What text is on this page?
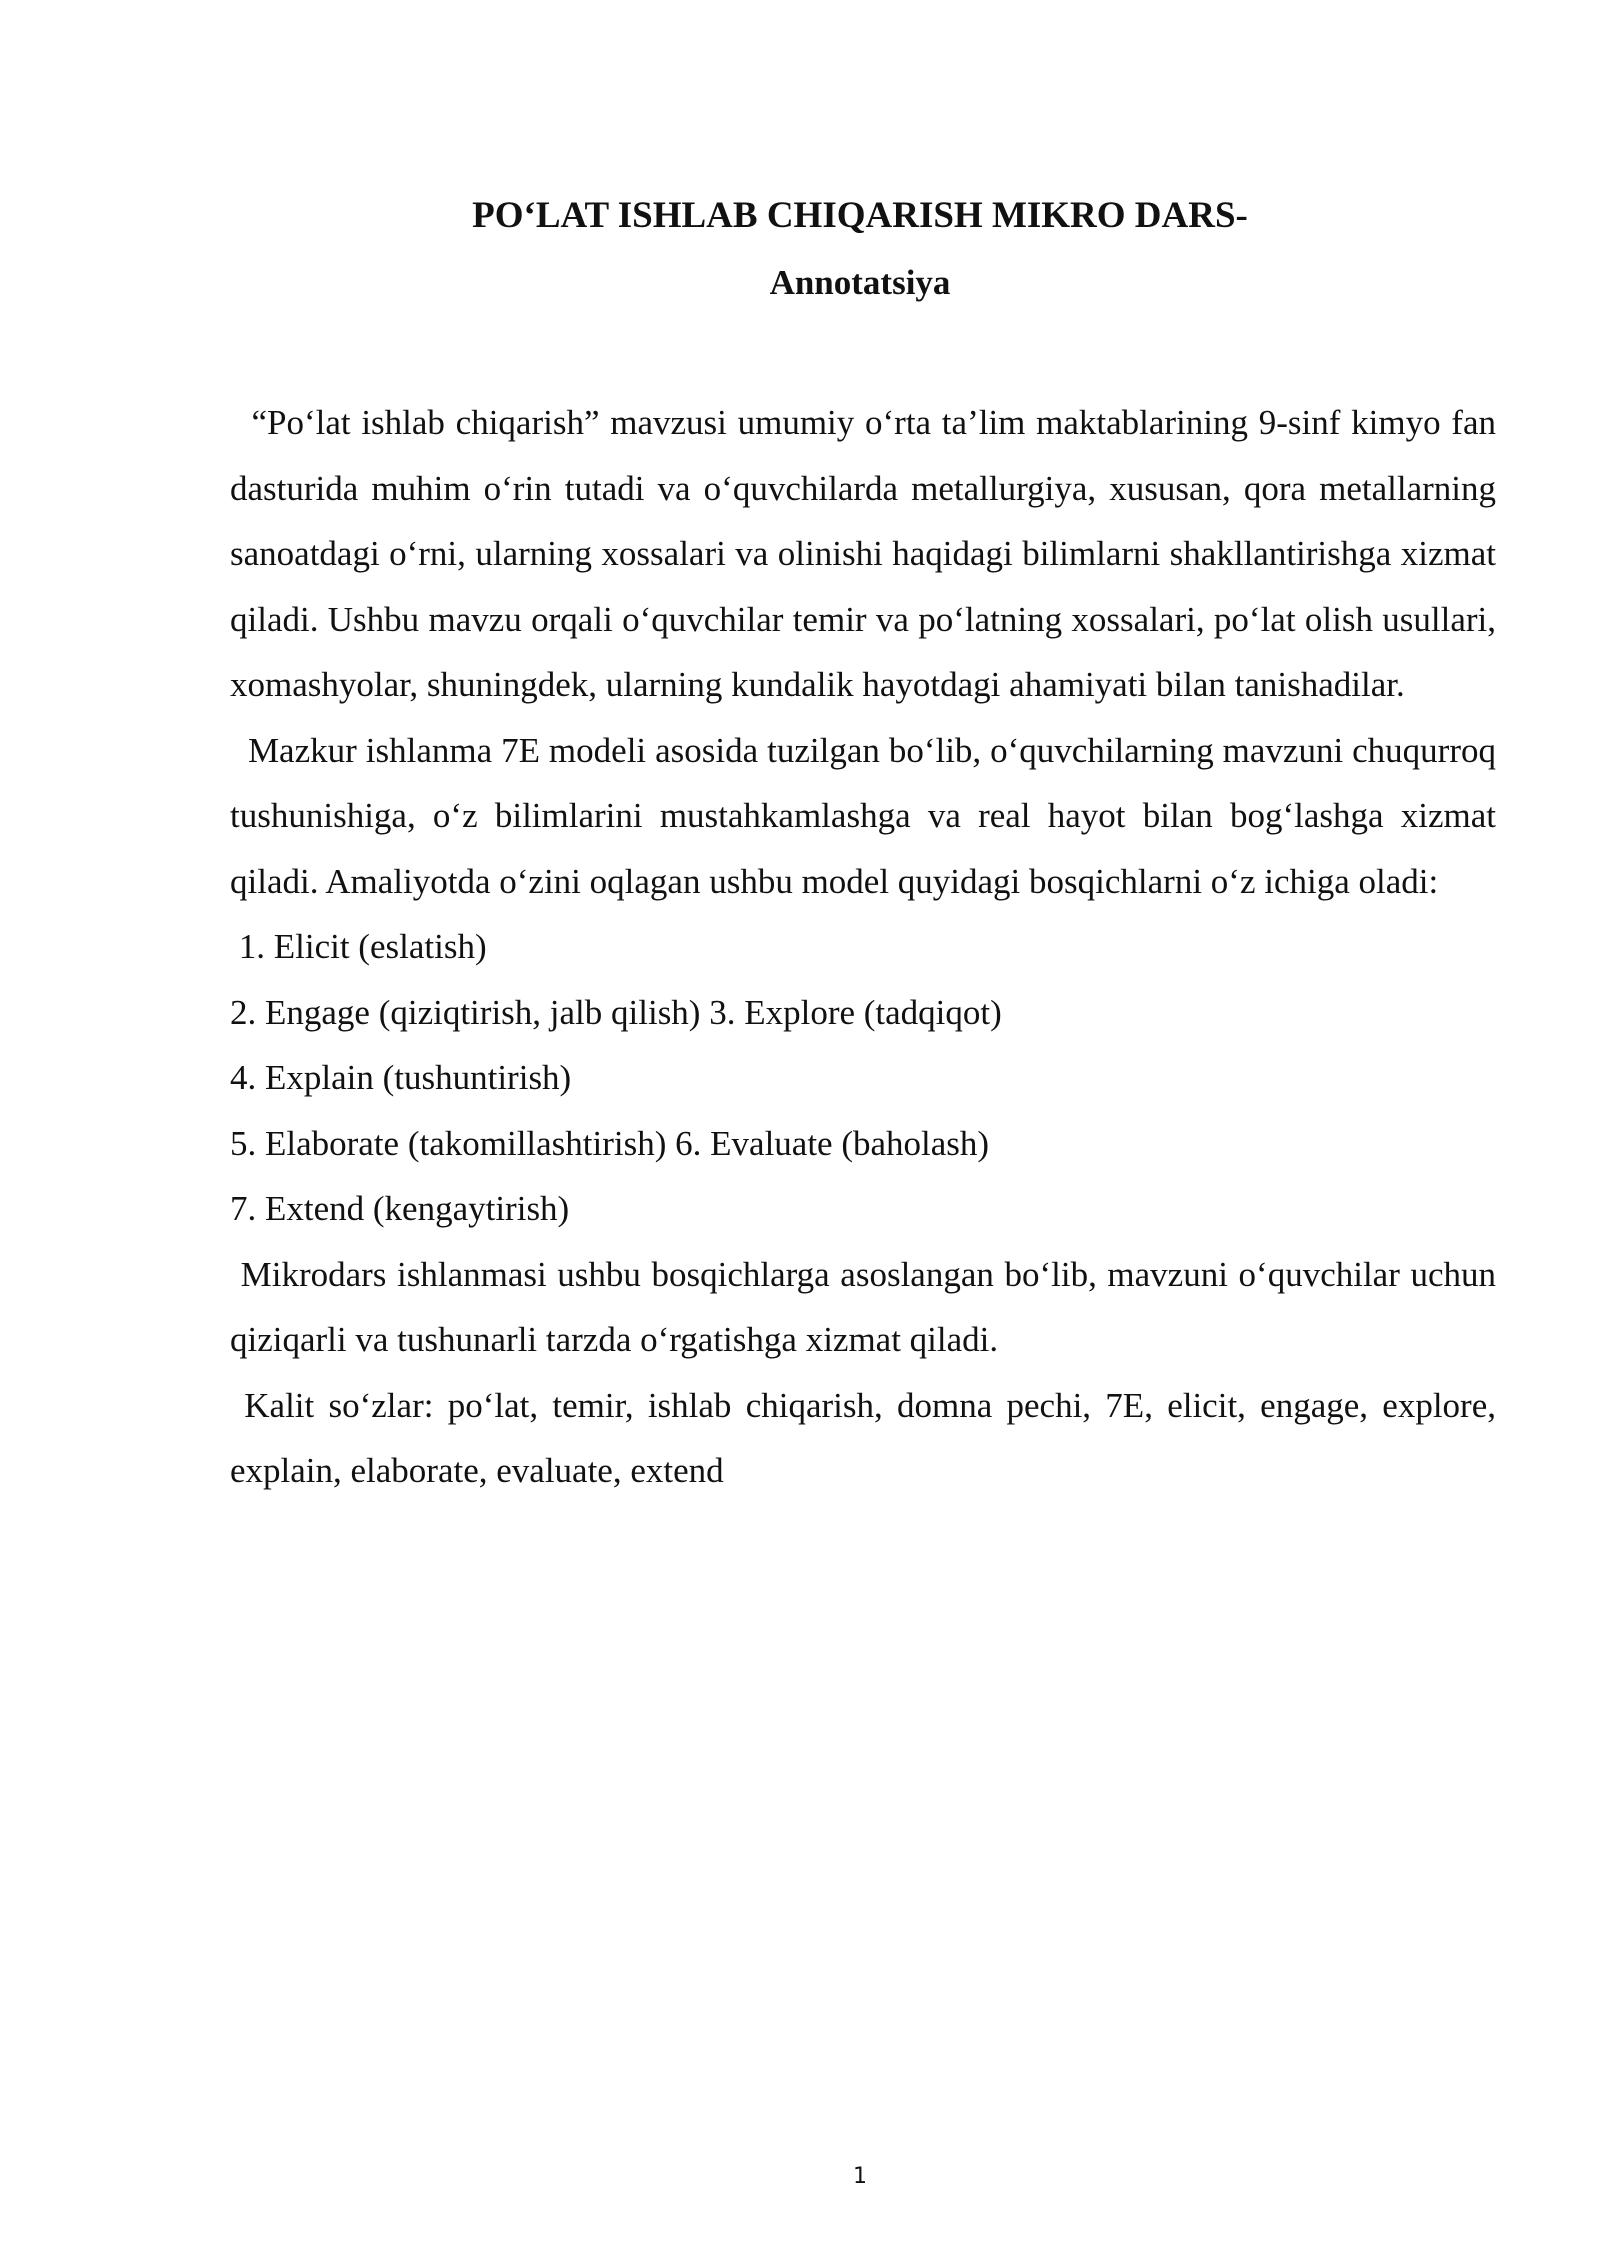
PO‘LAT ISHLAB CHIQARISH MIKRO DARS-
Annotatsiya

“Po‘lat ishlab chiqarish” mavzusi umumiy o‘rta ta’lim maktablarining 9-sinf kimyo fan dasturida muhim o‘rin tutadi va o‘quvchilarda metallurgiya, xususan, qora metallarning sanoatdagi o‘rni, ularning xossalari va olinishi haqidagi bilimlarni shakllantirishga xizmat qiladi. Ushbu mavzu orqali o‘quvchilar temir va po‘latning xossalari, po‘lat olish usullari, xomashyolar, shuningdek, ularning kundalik hayotdagi ahamiyati bilan tanishadilar.

Mazkur ishlanma 7E modeli asosida tuzilgan bo‘lib, o‘quvchilarning mavzuni chuqurroq tushunishiga, o‘z bilimlarini mustahkamlashga va real hayot bilan bog‘lashga xizmat qiladi. Amaliyotda o‘zini oqlagan ushbu model quyidagi bosqichlarni o‘z ichiga oladi:

1. Elicit (eslatish)

2. Engage (qiziqtirish, jalb qilish) 3. Explore (tadqiqot)

4. Explain (tushuntirish)

5. Elaborate (takomillashtirish) 6. Evaluate (baholash)

7. Extend (kengaytirish)

Mikrodars ishlanmasi ushbu bosqichlarga asoslangan bo‘lib, mavzuni o‘quvchilar uchun qiziqarli va tushunarli tarzda o‘rgatishga xizmat qiladi.

Kalit so‘zlar: po‘lat, temir, ishlab chiqarish, domna pechi, 7E, elicit, engage, explore, explain, elaborate, evaluate, extend

1
